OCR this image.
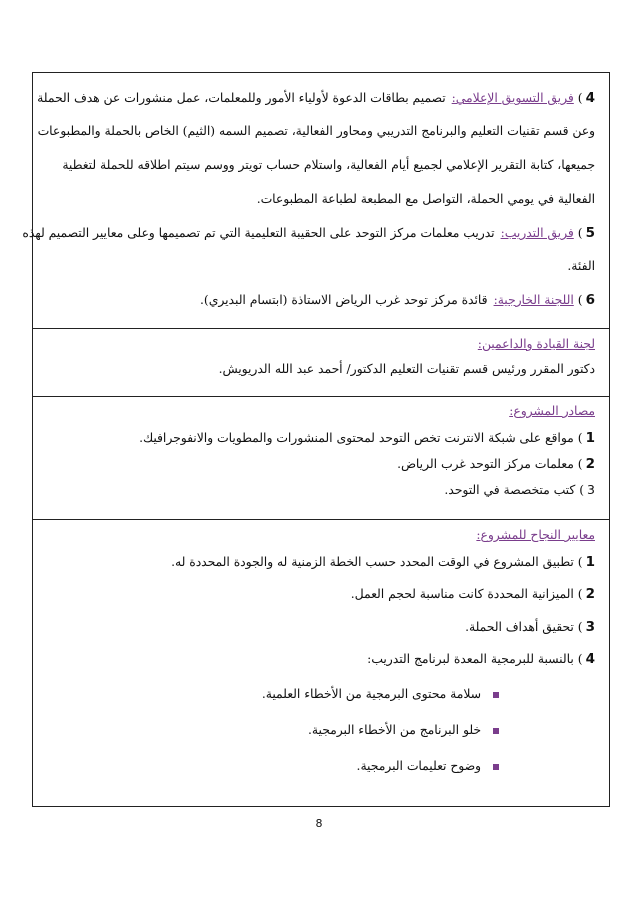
4)فريق التسويق الإعلامي:تصميم بطاقات الدعوة لأولياء الأمور وللمعلمات، عمل منشورات عن هدف الحملة
وعن قسم تقنيات التعليم والبرنامج التدريبي ومحاور الفعالية، تصميم السمه (الثيم) الخاص بالحملة والمطبوعات
جميعها، كتابة التقرير الإعلامي لجميع أيام الفعالية، واستلام حساب تويتر ووسم سيتم اطلاقه للحملة لتغطية
الفعالية في يومي الحملة، التواصل مع المطبعة لطباعة المطبوعات.
5)فريق التدريب:تدريب معلمات مركز التوحد على الحقيبة التعليمية التي تم تصميمها وعلى معايير التصميم لهذه
الفئة.
6)اللجنة الخارجية:قائدة مركز توحد غرب الرياض الاستاذة (ابتسام البديري).
لجنة القيادة والداعمين:
دكتور المقرر ورئيس قسم تقنيات التعليم الدكتور/ أحمد عبد الله الدريويش.
مصادر المشروع:
1)مواقع على شبكة الانترنت تخص التوحد لمحتوى المنشورات والمطويات والانفوجرافيك.
2)معلمات مركز التوحد غرب الرياض.
3)كتب متخصصة في التوحد.
معايير النجاح للمشروع:
1)تطبيق المشروع في الوقت المحدد حسب الخطة الزمنية له والجودة المحددة له.
2)الميزانية المحددة كانت مناسبة لحجم العمل.
3)تحقيق أهداف الحملة.
4)بالنسبة للبرمجية المعدة لبرنامج التدريب:
سلامة محتوى البرمجية من الأخطاء العلمية.
خلو البرنامج من الأخطاء البرمجية.
وضوح تعليمات البرمجية.
8
